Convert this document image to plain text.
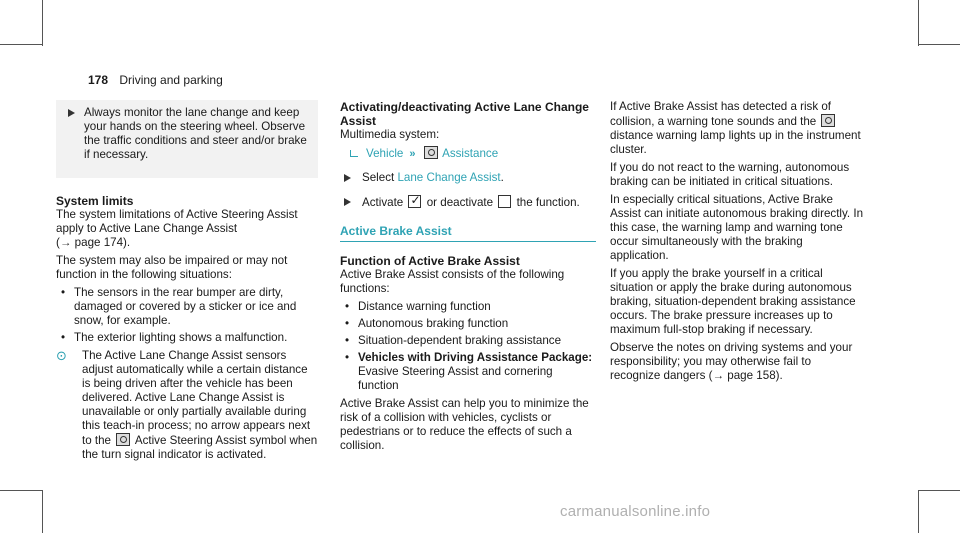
178 Driving and parking
Always monitor the lane change and keep your hands on the steering wheel. Observe the traffic conditions and steer and/or brake if necessary.
System limits

The system limitations of Active Steering Assist apply to Active Lane Change Assist
(→ page 174).

The system may also be impaired or may not function in the following situations:

• The sensors in the rear bumper are dirty, damaged or covered by a sticker or ice and snow, for example.
• The exterior lighting shows a malfunction.
⊙ The Active Lane Change Assist sensors adjust automatically while a certain distance is being driven after the vehicle has been delivered. Active Lane Change Assist is unavailable or only partially available during this teach-in process; no arrow appears next to the Active Steering Assist symbol when the turn signal indicator is activated.
Activating/deactivating Active Lane Change Assist

Multimedia system:

Vehicle » Assistance
Select Lane Change Assist.
Activate ✓ or deactivate the function.
Active Brake Assist
Function of Active Brake Assist

Active Brake Assist consists of the following functions:

• Distance warning function
• Autonomous braking function
• Situation-dependent braking assistance
• Vehicles with Driving Assistance Package: Evasive Steering Assist and cornering function

Active Brake Assist can help you to minimize the risk of a collision with vehicles, cyclists or pedestrians or to reduce the effects of such a collision.

If Active Brake Assist has detected a risk of collision, a warning tone sounds and the  distance warning lamp lights up in the instrument cluster.

If you do not react to the warning, autonomous braking can be initiated in critical situations.

In especially critical situations, Active Brake Assist can initiate autonomous braking directly. In this case, the warning lamp and warning tone occur simultaneously with the braking application.

If you apply the brake yourself in a critical situation or apply the brake during autonomous braking, situation-dependent braking assistance occurs. The brake pressure increases up to maximum full-stop braking if necessary.

Observe the notes on driving systems and your responsibility; you may otherwise fail to recognize dangers (→ page 158).

carmanualsonline.info
